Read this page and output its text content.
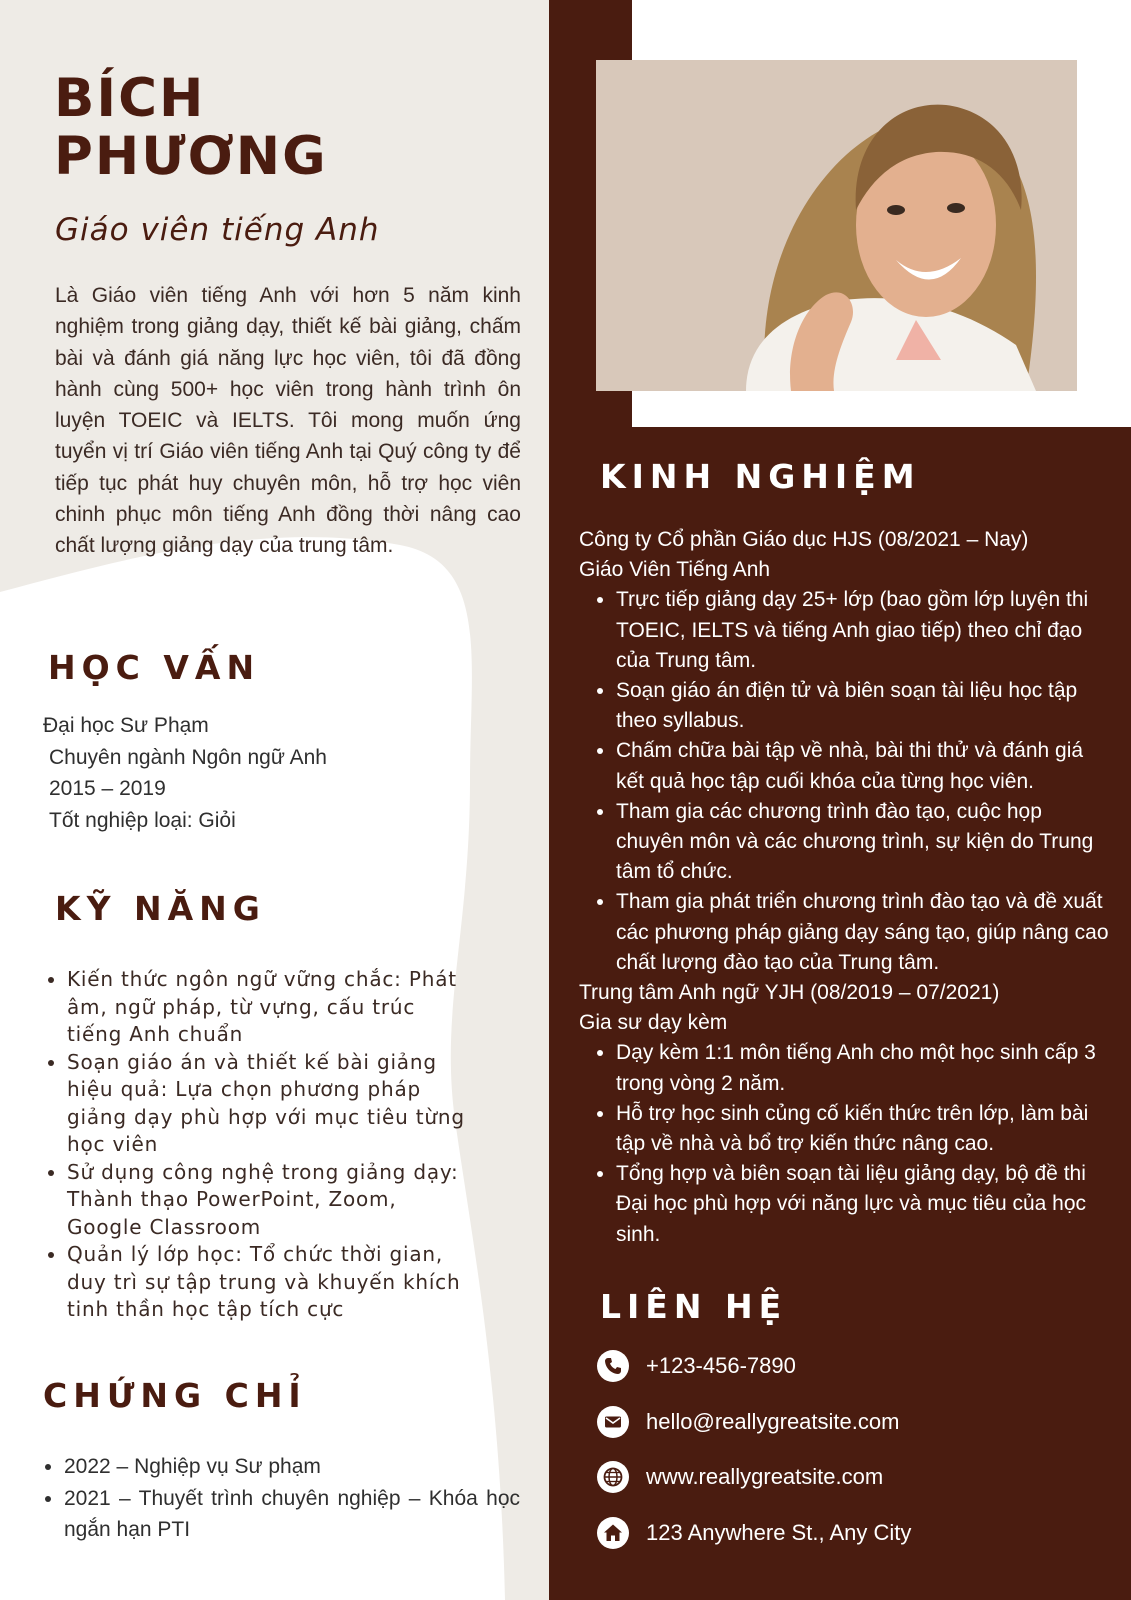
BÍCH
PHƯƠNG
Giáo viên tiếng Anh

Là Giáo viên tiếng Anh với hơn 5 năm kinh nghiệm trong giảng dạy, thiết kế bài giảng, chấm bài và đánh giá năng lực học viên, tôi đã đồng hành cùng 500+ học viên trong hành trình ôn luyện TOEIC và IELTS. Tôi mong muốn ứng tuyển vị trí Giáo viên tiếng Anh tại Quý công ty để tiếp tục phát huy chuyên môn, hỗ trợ học viên chinh phục môn tiếng Anh đồng thời nâng cao chất lượng giảng dạy của trung tâm.

HỌC VẤN
Đại học Sư Phạm
Chuyên ngành Ngôn ngữ Anh
2015 – 2019
Tốt nghiệp loại: Giỏi
KỸ NĂNG
• Kiến thức ngôn ngữ vững chắc: Phát âm, ngữ pháp, từ vựng, cấu trúc tiếng Anh chuẩn
• Soạn giáo án và thiết kế bài giảng hiệu quả: Lựa chọn phương pháp giảng dạy phù hợp với mục tiêu từng học viên
• Sử dụng công nghệ trong giảng dạy: Thành thạo PowerPoint, Zoom, Google Classroom
• Quản lý lớp học: Tổ chức thời gian, duy trì sự tập trung và khuyến khích tinh thần học tập tích cực
CHỨNG CHỈ
• 2022 – Nghiệp vụ Sư phạm
• 2021 – Thuyết trình chuyên nghiệp – Khóa học ngắn hạn PTI
KINH NGHIỆM

Công ty Cổ phần Giáo dục HJS (08/2021 – Nay)

Giáo Viên Tiếng Anh

• Trực tiếp giảng dạy 25+ lớp (bao gồm lớp luyện thi TOEIC, IELTS và tiếng Anh giao tiếp) theo chỉ đạo của Trung tâm.
• Soạn giáo án điện tử và biên soạn tài liệu học tập theo syllabus.
• Chấm chữa bài tập về nhà, bài thi thử và đánh giá kết quả học tập cuối khóa của từng học viên.
• Tham gia các chương trình đào tạo, cuộc họp chuyên môn và các chương trình, sự kiện do Trung tâm tổ chức.
• Tham gia phát triển chương trình đào tạo và đề xuất các phương pháp giảng dạy sáng tạo, giúp nâng cao chất lượng đào tạo của Trung tâm.

Trung tâm Anh ngữ YJH (08/2019 – 07/2021)

Gia sư dạy kèm

• Dạy kèm 1:1 môn tiếng Anh cho một học sinh cấp 3 trong vòng 2 năm.
• Hỗ trợ học sinh củng cố kiến thức trên lớp, làm bài tập về nhà và bổ trợ kiến thức nâng cao.
• Tổng hợp và biên soạn tài liệu giảng dạy, bộ đề thi Đại học phù hợp với năng lực và mục tiêu của học sinh.
LIÊN HỆ
+123-456-7890
hello@reallygreatsite.com
www.reallygreatsite.com
123 Anywhere St., Any City
